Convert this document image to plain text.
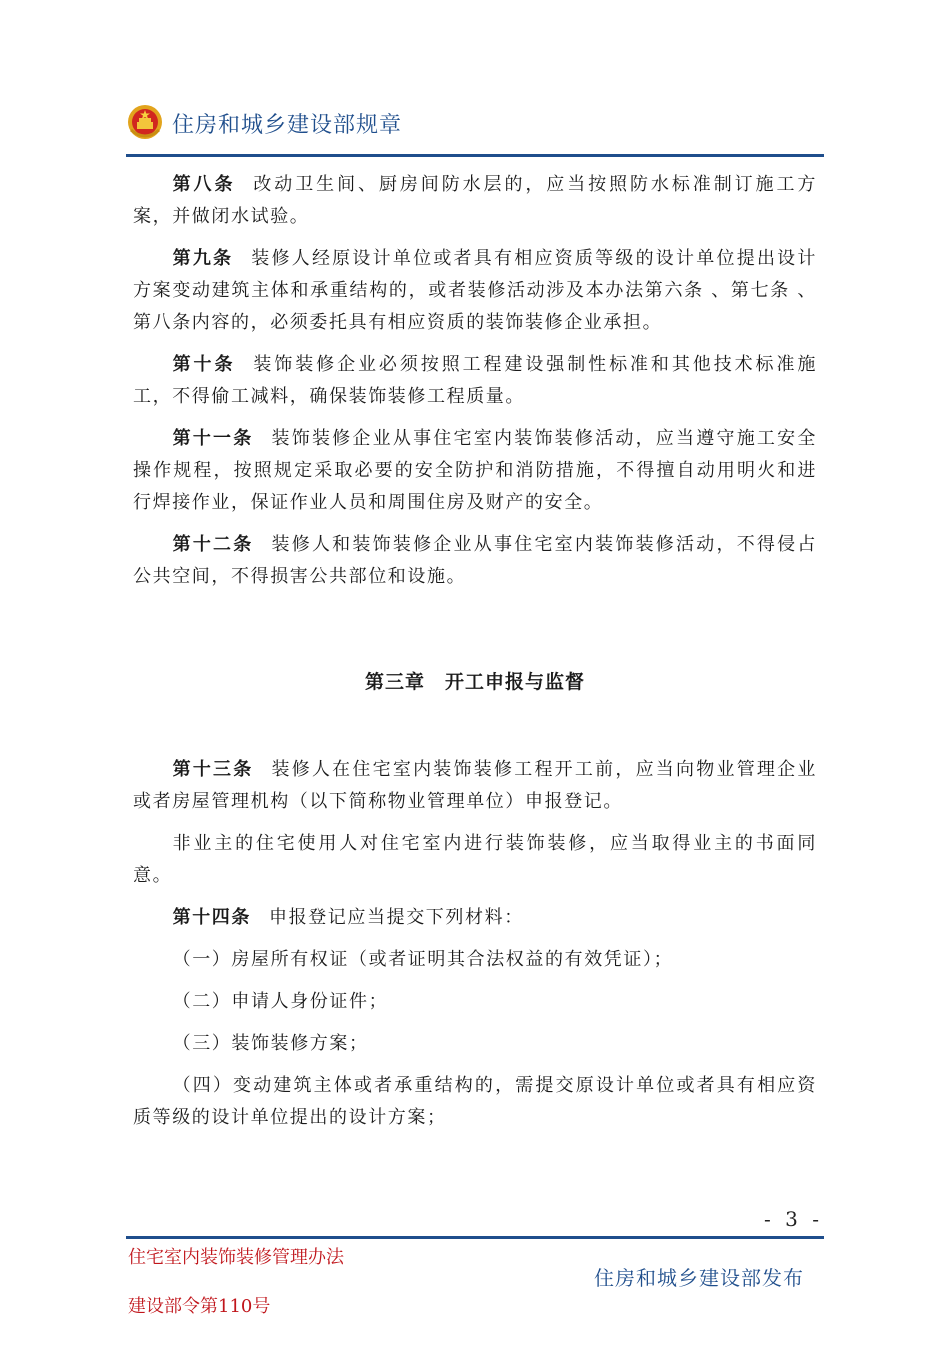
住房和城乡建设部规章

第八条 改动卫生间、厨房间防水层的，应当按照防水标准制订施工方案，并做闭水试验。

第九条 装修人经原设计单位或者具有相应资质等级的设计单位提出设计方案变动建筑主体和承重结构的，或者装修活动涉及本办法第六条 、第七条 、第八条内容的，必须委托具有相应资质的装饰装修企业承担。

第十条 装饰装修企业必须按照工程建设强制性标准和其他技术标准施工，不得偷工减料，确保装饰装修工程质量。

第十一条 装饰装修企业从事住宅室内装饰装修活动，应当遵守施工安全操作规程，按照规定采取必要的安全防护和消防措施，不得擅自动用明火和进行焊接作业，保证作业人员和周围住房及财产的安全。

第十二条 装修人和装饰装修企业从事住宅室内装饰装修活动，不得侵占公共空间，不得损害公共部位和设施。

第三章　开工申报与监督

第十三条 装修人在住宅室内装饰装修工程开工前，应当向物业管理企业或者房屋管理机构（以下简称物业管理单位）申报登记。

非业主的住宅使用人对住宅室内进行装饰装修，应当取得业主的书面同意。

第十四条 申报登记应当提交下列材料：

（一）房屋所有权证（或者证明其合法权益的有效凭证）；

（二）申请人身份证件；

（三）装饰装修方案；

（四）变动建筑主体或者承重结构的，需提交原设计单位或者具有相应资质等级的设计单位提出的设计方案；

- 3 -
住宅室内装饰装修管理办法
建设部令第110号
住房和城乡建设部发布
